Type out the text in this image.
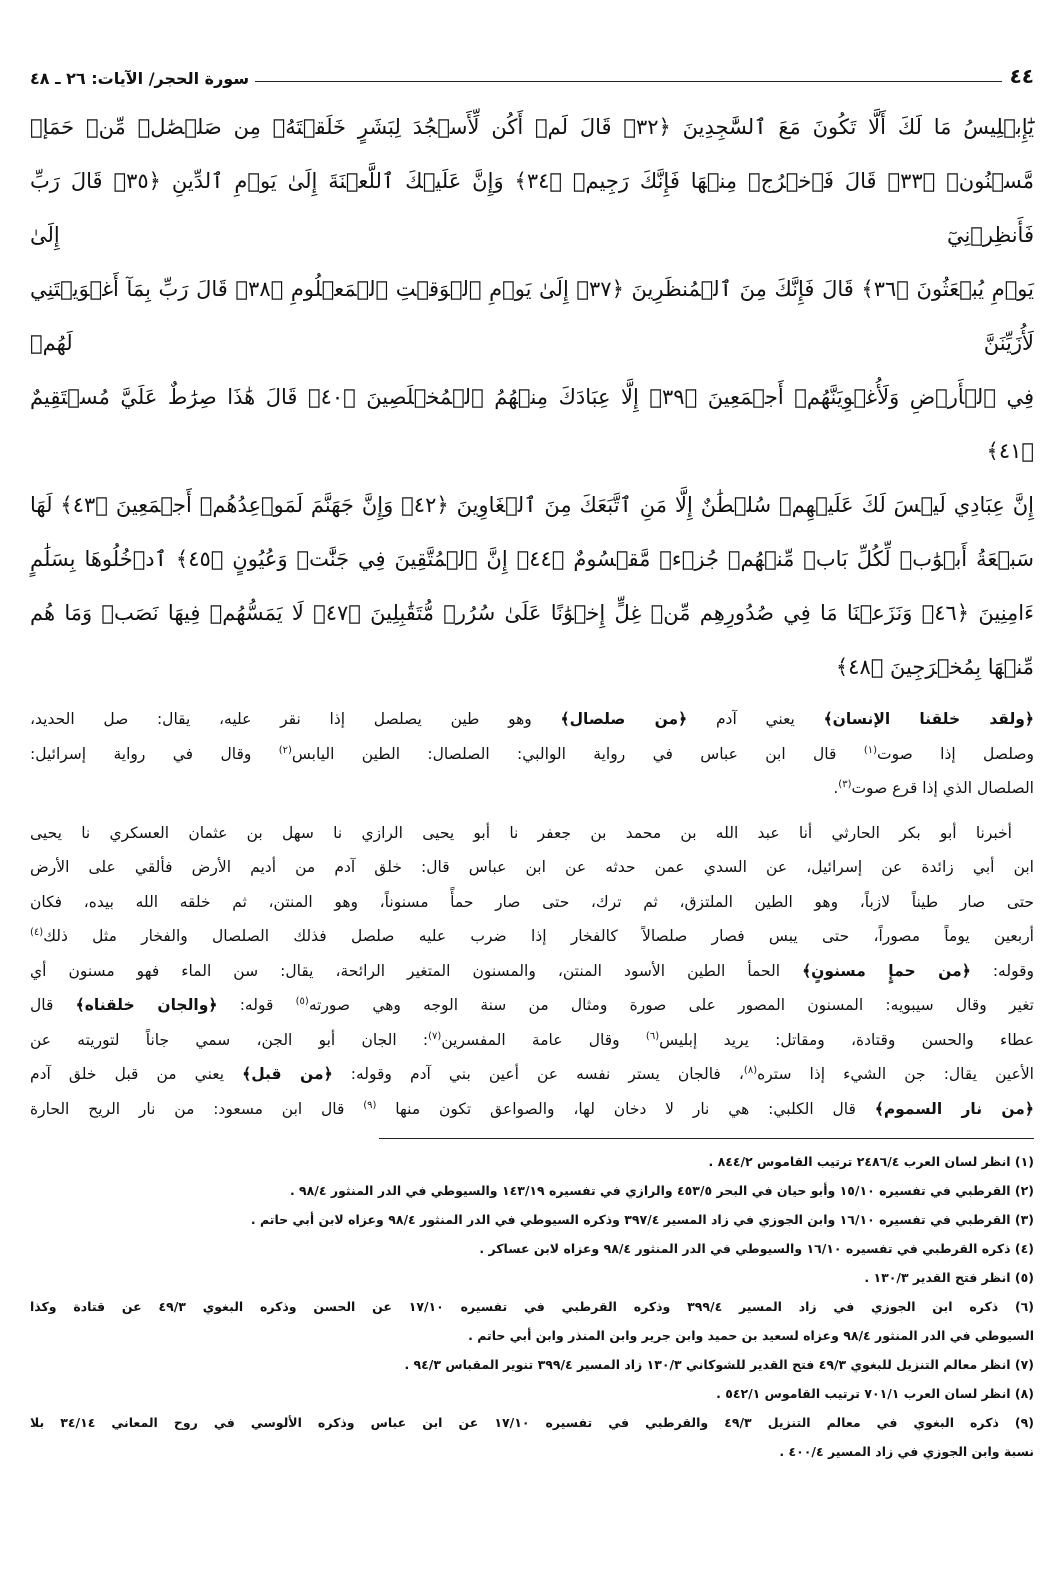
٤٤
سورة الحجر/ الآيات: ٢٦ ـ ٤٨
يَٰٓإِبۡلِيسُ مَا لَكَ أَلَّا تَكُونَ مَعَ ٱلسَّٰجِدِينَ ﴿٣٢﴾ قَالَ لَمۡ أَكُن لِّأَسۡجُدَ لِبَشَرٍ خَلَقۡتَهُۥ مِن صَلۡصَٰلٖ مِّنۡ حَمَإٖ
مَّسۡنُونٖ ﴿٣٣﴾ قَالَ فَٱخۡرُجۡ مِنۡهَا فَإِنَّكَ رَجِيمٞ ﴿٣٤﴾ وَإِنَّ عَلَيۡكَ ٱللَّعۡنَةَ إِلَىٰ يَوۡمِ ٱلدِّينِ ﴿٣٥﴾ قَالَ رَبِّ فَأَنظِرۡنِيٓ إِلَىٰ
يَوۡمِ يُبۡعَثُونَ ﴿٣٦﴾ قَالَ فَإِنَّكَ مِنَ ٱلۡمُنظَرِينَ ﴿٣٧﴾ إِلَىٰ يَوۡمِ ٱلۡوَقۡتِ ٱلۡمَعۡلُومِ ﴿٣٨﴾ قَالَ رَبِّ بِمَآ أَغۡوَيۡتَنِي لَأُزَيِّنَنَّ لَهُمۡ
فِي ٱلۡأَرۡضِ وَلَأُغۡوِيَنَّهُمۡ أَجۡمَعِينَ ﴿٣٩﴾ إِلَّا عِبَادَكَ مِنۡهُمُ ٱلۡمُخۡلَصِينَ ﴿٤٠﴾ قَالَ هَٰذَا صِرَٰطٌ عَلَيَّ مُسۡتَقِيمٌ ﴿٤١﴾
إِنَّ عِبَادِي لَيۡسَ لَكَ عَلَيۡهِمۡ سُلۡطَٰنٌ إِلَّا مَنِ ٱتَّبَعَكَ مِنَ ٱلۡغَاوِينَ ﴿٤٢﴾ وَإِنَّ جَهَنَّمَ لَمَوۡعِدُهُمۡ أَجۡمَعِينَ ﴿٤٣﴾ لَهَا
سَبۡعَةُ أَبۡوَٰبٖ لِّكُلِّ بَابٖ مِّنۡهُمۡ جُزۡءٞ مَّقۡسُومٌ ﴿٤٤﴾ إِنَّ ٱلۡمُتَّقِينَ فِي جَنَّٰتٖ وَعُيُونٍ ﴿٤٥﴾ ٱدۡخُلُوهَا بِسَلَٰمٍ
ءَامِنِينَ ﴿٤٦﴾ وَنَزَعۡنَا مَا فِي صُدُورِهِم مِّنۡ غِلٍّ إِخۡوَٰنًا عَلَىٰ سُرُرٖ مُّتَقَٰبِلِينَ ﴿٤٧﴾ لَا يَمَسُّهُمۡ فِيهَا نَصَبٞ وَمَا هُم
مِّنۡهَا بِمُخۡرَجِينَ ﴿٤٨﴾
﴿ولقد خلقنا الإنسان﴾ يعني آدم ﴿من صلصال﴾ وهو طين يصلصل إذا نقر عليه، يقال: صل الحديد،
وصلصل إذا صوت$^{(١)}$ قال ابن عباس في رواية الوالبي: الصلصال: الطين اليابس$^{(٢)}$ وقال في رواية إسرائيل:
الصلصال الذي إذا قرع صوت$^{(٣)}$.
أخبرنا أبو بكر الحارثي أنا عبد الله بن محمد بن جعفر نا أبو يحيى الرازي نا سهل بن عثمان العسكري نا يحيى
ابن أبي زائدة عن إسرائيل، عن السدي عمن حدثه عن ابن عباس قال: خلق آدم من أديم الأرض فألقي على الأرض
حتى صار طيناً لازباً، وهو الطين الملتزق، ثم ترك، حتى صار حمأً مسنوناً، وهو المنتن، ثم خلقه الله بيده، فكان
أربعين يوماً مصوراً، حتى يبس فصار صلصالاً كالفخار إذا ضرب عليه صلصل فذلك الصلصال والفخار مثل ذلك$^{(٤)}$
وقوله: ﴿من حمإٍ مسنونٍ﴾ الحمأ الطين الأسود المنتن، والمسنون المتغير الرائحة، يقال: سن الماء فهو مسنون أي
تغير وقال سيبويه: المسنون المصور على صورة ومثال من سنة الوجه وهي صورته$^{(٥)}$ قوله: ﴿والجان خلقناه﴾ قال
عطاء والحسن وقتادة، ومقاتل: يريد إبليس$^{(٦)}$ وقال عامة المفسرين$^{(٧)}$: الجان أبو الجن، سمي جاناً لتوريته عن
الأعين يقال: جن الشيء إذا ستره$^{(٨)}$، فالجان يستر نفسه عن أعين بني آدم وقوله: ﴿من قبل﴾ يعني من قبل خلق آدم
﴿من نار السموم﴾ قال الكلبي: هي نار لا دخان لها، والصواعق تكون منها $^{(٩)}$ قال ابن مسعود: من نار الريح الحارة
(١) انظر لسان العرب ٢٤٨٦/٤ ترتيب القاموس ٨٤٤/٢ .
(٢) القرطبي في تفسيره ١٥/١٠ وأبو حيان في البحر ٤٥٣/٥ والرازي في تفسيره ١٤٣/١٩ والسيوطي في الدر المنثور ٩٨/٤ .
(٣) القرطبي في تفسيره ١٦/١٠ وابن الجوزي في زاد المسير ٣٩٧/٤ وذكره السيوطي في الدر المنثور ٩٨/٤ وعزاه لابن أبي حاتم .
(٤) ذكره القرطبي في تفسيره ١٦/١٠ والسيوطي في الدر المنثور ٩٨/٤ وعزاه لابن عساكر .
(٥) انظر فتح القدير ١٣٠/٣ .
(٦) ذكره ابن الجوزي في زاد المسير ٣٩٩/٤ وذكره القرطبي في تفسيره ١٧/١٠ عن الحسن وذكره البغوي ٤٩/٣ عن قتادة وكذا
السيوطي في الدر المنثور ٩٨/٤ وعزاه لسعيد بن حميد وابن جرير وابن المنذر وابن أبي حاتم .
(٧) انظر معالم التنزيل للبغوي ٤٩/٣ فتح القدير للشوكاني ١٣٠/٣ زاد المسير ٣٩٩/٤ تنوير المقباس ٩٤/٣ .
(٨) انظر لسان العرب ٧٠١/١ ترتيب القاموس ٥٤٢/١ .
(٩) ذكره البغوي في معالم التنزيل ٤٩/٣ والقرطبي في تفسيره ١٧/١٠ عن ابن عباس وذكره الألوسي في روح المعاني ٣٤/١٤ بلا
نسبة وابن الجوزي في زاد المسير ٤٠٠/٤ .
